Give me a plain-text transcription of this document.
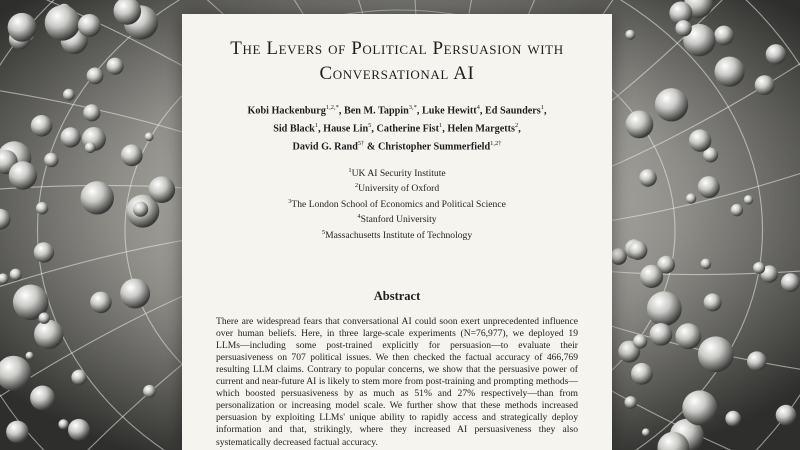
The Levers of Political Persuasion with
Conversational AI
Kobi Hackenburg$^{1,2,*}$, Ben M. Tappin$^{3,*}$, Luke Hewitt$^4$, Ed Saunders$^1$,
Sid Black$^1$, Hause Lin$^5$, Catherine Fist$^1$, Helen Margetts$^2$,
David G. Rand$^{5\dagger}$ & Christopher Summerfield$^{1,2\dagger}$
$^1$UK AI Security Institute
$^2$University of Oxford
$^3$The London School of Economics and Political Science
$^4$Stanford University
$^5$Massachusetts Institute of Technology
Abstract
There are widespread fears that conversational AI could soon exert unprecedented influence over human beliefs. Here, in three large-scale experiments (N=76,977), we deployed 19 LLMs—including some post-trained explicitly for persuasion—to evaluate their persuasiveness on 707 political issues. We then checked the factual accuracy of 466,769 resulting LLM claims. Contrary to popular concerns, we show that the persuasive power of current and near-future AI is likely to stem more from post-training and prompting methods—which boosted persuasiveness by as much as 51% and 27% respectively—than from personalization or increasing model scale. We further show that these methods increased persuasion by exploiting LLMs' unique ability to rapidly access and strategically deploy information and that, strikingly, where they increased AI persuasiveness they also systematically decreased factual accuracy.
